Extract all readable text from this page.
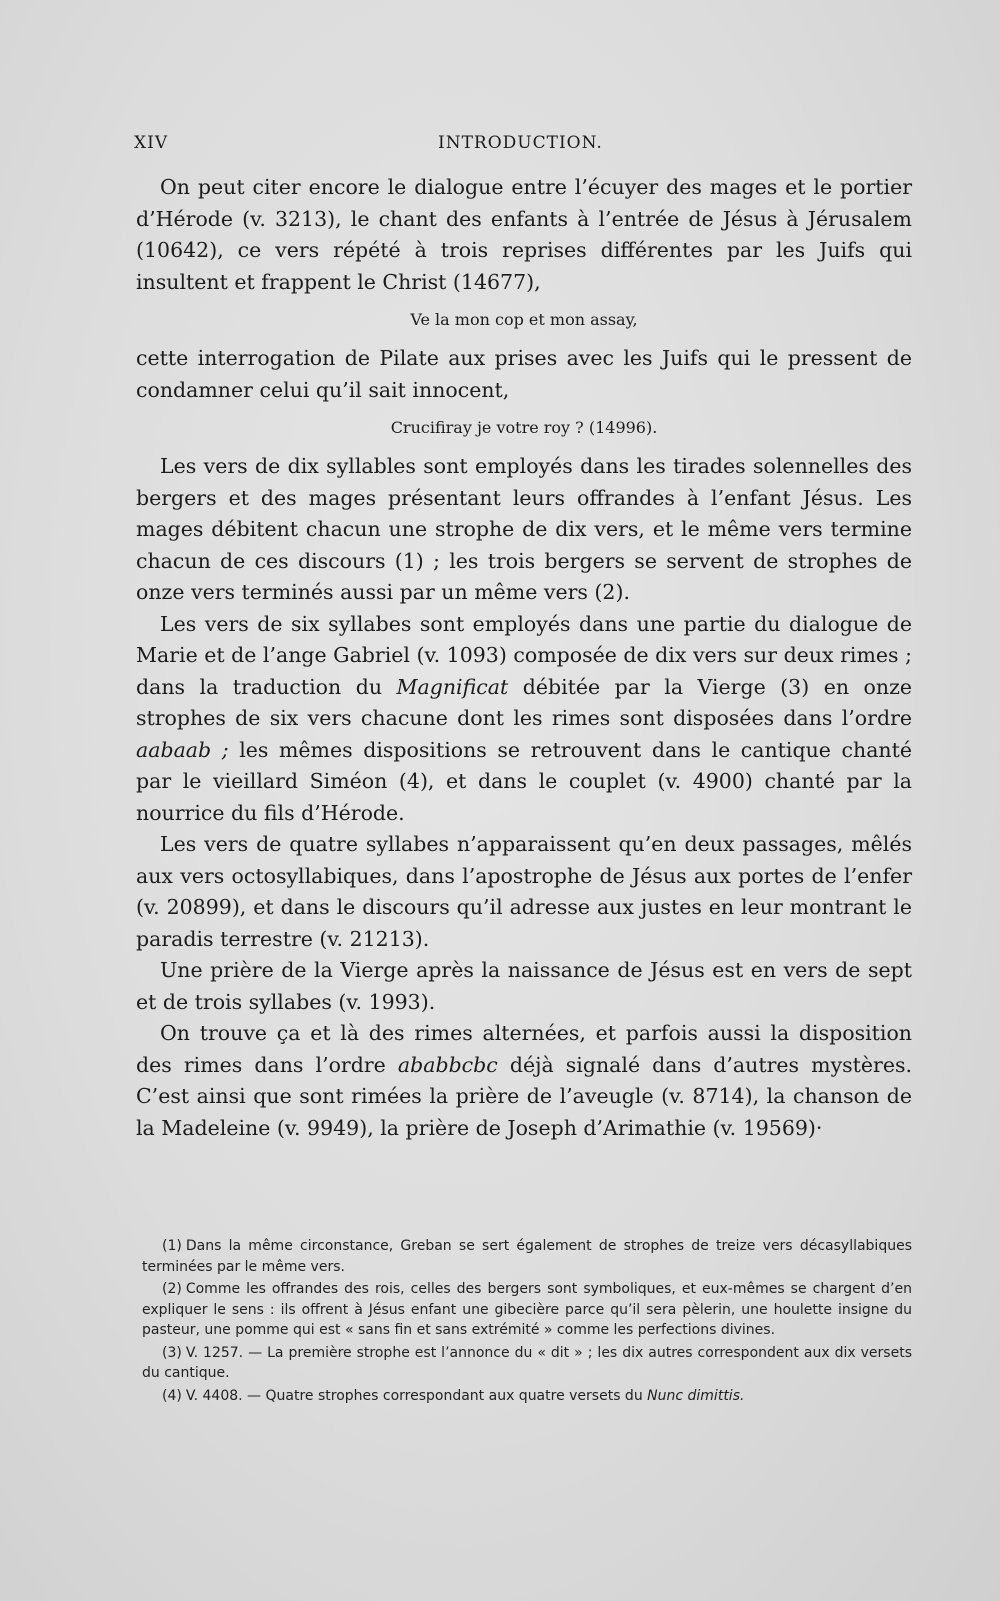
XIV	INTRODUCTION.

On peut citer encore le dialogue entre l’écuyer des mages et le portier d’Hérode (v. 3213), le chant des enfants à l’entrée de Jésus à Jérusalem (10642), ce vers répété à trois reprises différentes par les Juifs qui insultent et frappent le Christ (14677),

Ve la mon cop et mon assay,

cette interrogation de Pilate aux prises avec les Juifs qui le pressent de condamner celui qu’il sait innocent,

Crucifiray je votre roy ? (14996).

Les vers de dix syllables sont employés dans les tirades solennelles des bergers et des mages présentant leurs offrandes à l’enfant Jésus. Les mages débitent chacun une strophe de dix vers, et le même vers termine chacun de ces discours (1) ; les trois bergers se servent de strophes de onze vers terminés aussi par un même vers (2).

Les vers de six syllabes sont employés dans une partie du dialogue de Marie et de l’ange Gabriel (v. 1093) composée de dix vers sur deux rimes ; dans la traduction du Magnificat débitée par la Vierge (3) en onze strophes de six vers chacune dont les rimes sont disposées dans l’ordre aabaab ; les mêmes dispositions se retrouvent dans le cantique chanté par le vieillard Siméon (4), et dans le couplet (v. 4900) chanté par la nourrice du fils d’Hérode.

Les vers de quatre syllabes n’apparaissent qu’en deux passages, mêlés aux vers octosyllabiques, dans l’apostrophe de Jésus aux portes de l’enfer (v. 20899), et dans le discours qu’il adresse aux justes en leur montrant le paradis terrestre (v. 21213).

Une prière de la Vierge après la naissance de Jésus est en vers de sept et de trois syllabes (v. 1993).

On trouve ça et là des rimes alternées, et parfois aussi la disposition des rimes dans l’ordre ababbcbc déjà signalé dans d’autres mystères. C’est ainsi que sont rimées la prière de l’aveugle (v. 8714), la chanson de la Madeleine (v. 9949), la prière de Joseph d’Arimathie (v. 19569)·

(1) Dans la même circonstance, Greban se sert également de strophes de treize vers décasyllabiques terminées par le même vers.

(2) Comme les offrandes des rois, celles des bergers sont symboliques, et eux-mêmes se chargent d’en expliquer le sens : ils offrent à Jésus enfant une gibecière parce qu’il sera pèlerin, une houlette insigne du pasteur, une pomme qui est « sans fin et sans extrémité » comme les perfections divines.

(3) V. 1257. — La première strophe est l’annonce du « dit » ; les dix autres correspondent aux dix versets du cantique.

(4) V. 4408. — Quatre strophes correspondant aux quatre versets du Nunc dimittis.
